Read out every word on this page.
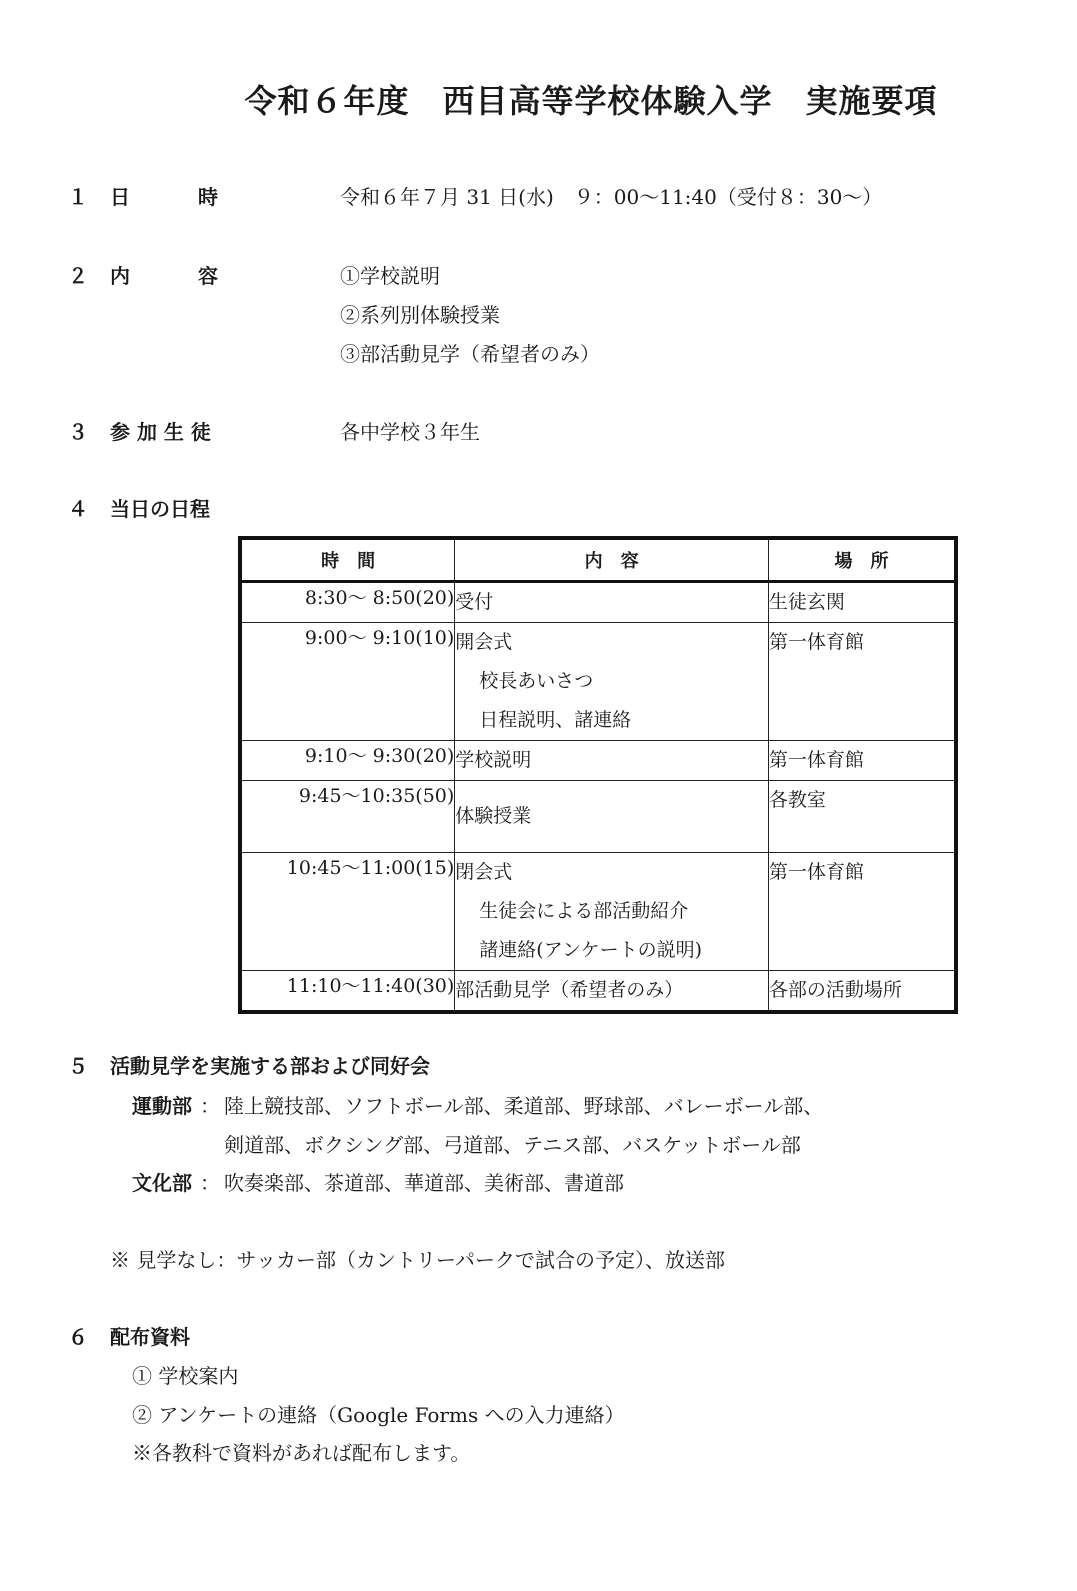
令和６年度　西目高等学校体験入学　実施要項
１ 日	時	令和６年７月 31 日(水)　９：00～11:40（受付８：30～）
２ 内	容	①学校説明
②系列別体験授業
③部活動見学（希望者のみ）
３ 参 加 生 徒	各中学校３年生
４ 当日の日程
時　間	内　容	場　所
8:30～ 8:50(20)	受付	生徒玄関

9:00～ 9:10(10)	開会式
校長あいさつ
日程説明、諸連絡	第一体育館

9:10～ 9:30(20)	学校説明	第一体育館

9:45～10:35(50)	体験授業	各教室

10:45～11:00(15)	閉会式
生徒会による部活動紹介
諸連絡(アンケートの説明)	第一体育館

11:10～11:40(30)	部活動見学（希望者のみ）	各部の活動場所
５ 活動見学を実施する部および同好会
運動部 ： 陸上競技部、ソフトボール部、柔道部、野球部、バレーボール部、
剣道部、ボクシング部、弓道部、テニス部、バスケットボール部
文化部 ： 吹奏楽部、茶道部、華道部、美術部、書道部
※ 見学なし：サッカー部（カントリーパークで試合の予定）、放送部
６ 配布資料
① 学校案内
② アンケートの連絡（Google Forms への入力連絡）
※各教科で資料があれば配布します。
